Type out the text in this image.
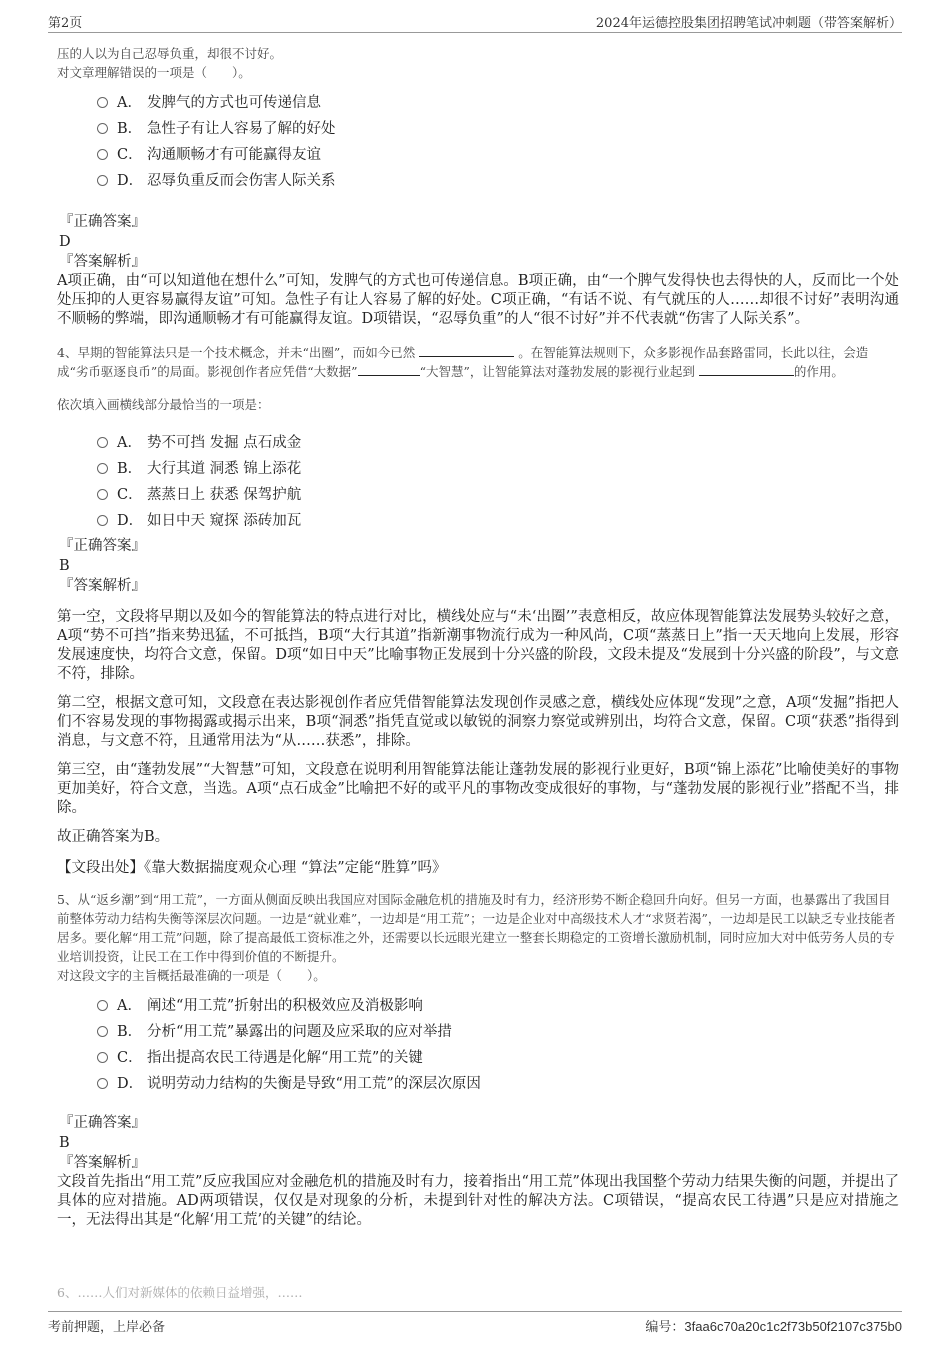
第2页	2024年运德控股集团招聘笔试冲刺题（带答案解析）

压的人以为自己忍辱负重，却很不讨好。

对文章理解错误的一项是（　　）。

A． 发脾气的方式也可传递信息
B． 急性子有让人容易了解的好处
C． 沟通顺畅才有可能赢得友谊
D． 忍辱负重反而会伤害人际关系
『正确答案』
D
『答案解析』

A项正确，由“可以知道他在想什么”可知，发脾气的方式也可传递信息。B项正确，由“一个脾气发得快也去得快的人，反而比一个处处压抑的人更容易赢得友谊”可知。急性子有让人容易了解的好处。C项正确，“有话不说、有气就压的人……却很不讨好”表明沟通不顺畅的弊端，即沟通顺畅才有可能赢得友谊。D项错误，“忍辱负重”的人“很不讨好”并不代表就“伤害了人际关系”。

4、早期的智能算法只是一个技术概念，并未“出圈”，而如今已然	。在智能算法规则下，众多影视作品套路雷同，长此以往，会造成“劣币驱逐良币”的局面。影视创作者应凭借“大数据”	“大智慧”，让智能算法对蓬勃发展的影视行业起到	的作用。

依次填入画横线部分最恰当的一项是：

A． 势不可挡 发掘 点石成金
B． 大行其道 洞悉 锦上添花
C． 蒸蒸日上 获悉 保驾护航
D． 如日中天 窥探 添砖加瓦
『正确答案』
B
『答案解析』

第一空，文段将早期以及如今的智能算法的特点进行对比，横线处应与“未‘出圈’”表意相反，故应体现智能算法发展势头较好之意，A项“势不可挡”指来势迅猛，不可抵挡，B项“大行其道”指新潮事物流行成为一种风尚，C项“蒸蒸日上”指一天天地向上发展，形容发展速度快，均符合文意，保留。D项“如日中天”比喻事物正发展到十分兴盛的阶段，文段未提及“发展到十分兴盛的阶段”，与文意不符，排除。

第二空，根据文意可知，文段意在表达影视创作者应凭借智能算法发现创作灵感之意，横线处应体现“发现”之意，A项“发掘”指把人们不容易发现的事物揭露或揭示出来，B项“洞悉”指凭直觉或以敏锐的洞察力察觉或辨别出，均符合文意，保留。C项“获悉”指得到消息，与文意不符，且通常用法为“从……获悉”，排除。

第三空，由“蓬勃发展”“大智慧”可知，文段意在说明利用智能算法能让蓬勃发展的影视行业更好，B项“锦上添花”比喻使美好的事物更加美好，符合文意，当选。A项“点石成金”比喻把不好的或平凡的事物改变成很好的事物，与“蓬勃发展的影视行业”搭配不当，排除。

故正确答案为B。

【文段出处】《靠大数据揣度观众心理 “算法”定能“胜算”吗》

5、从“返乡潮”到“用工荒”，一方面从侧面反映出我国应对国际金融危机的措施及时有力，经济形势不断企稳回升向好。但另一方面，也暴露出了我国目前整体劳动力结构失衡等深层次问题。一边是“就业难”，一边却是“用工荒”；一边是企业对中高级技术人才“求贤若渴”，一边却是民工以缺乏专业技能者居多。要化解“用工荒”问题，除了提高最低工资标准之外，还需要以长远眼光建立一整套长期稳定的工资增长激励机制，同时应加大对中低劳务人员的专业培训投资，让民工在工作中得到价值的不断提升。

对这段文字的主旨概括最准确的一项是（　　）。

A． 阐述“用工荒”折射出的积极效应及消极影响
B． 分析“用工荒”暴露出的问题及应采取的应对举措
C． 指出提高农民工待遇是化解“用工荒”的关键
D． 说明劳动力结构的失衡是导致“用工荒”的深层次原因
『正确答案』
B
『答案解析』

文段首先指出“用工荒”反应我国应对金融危机的措施及时有力，接着指出“用工荒”体现出我国整个劳动力结果失衡的问题，并提出了具体的应对措施。AD两项错误，仅仅是对现象的分析，未提到针对性的解决方法。C项错误，“提高农民工待遇”只是应对措施之一，无法得出其是“化解‘用工荒’的关键”的结论。

6、……人们对新媒体的依赖日益增强，……
考前押题，上岸必备	编号：3faa6c70a20c1c2f73b50f2107c375b0
